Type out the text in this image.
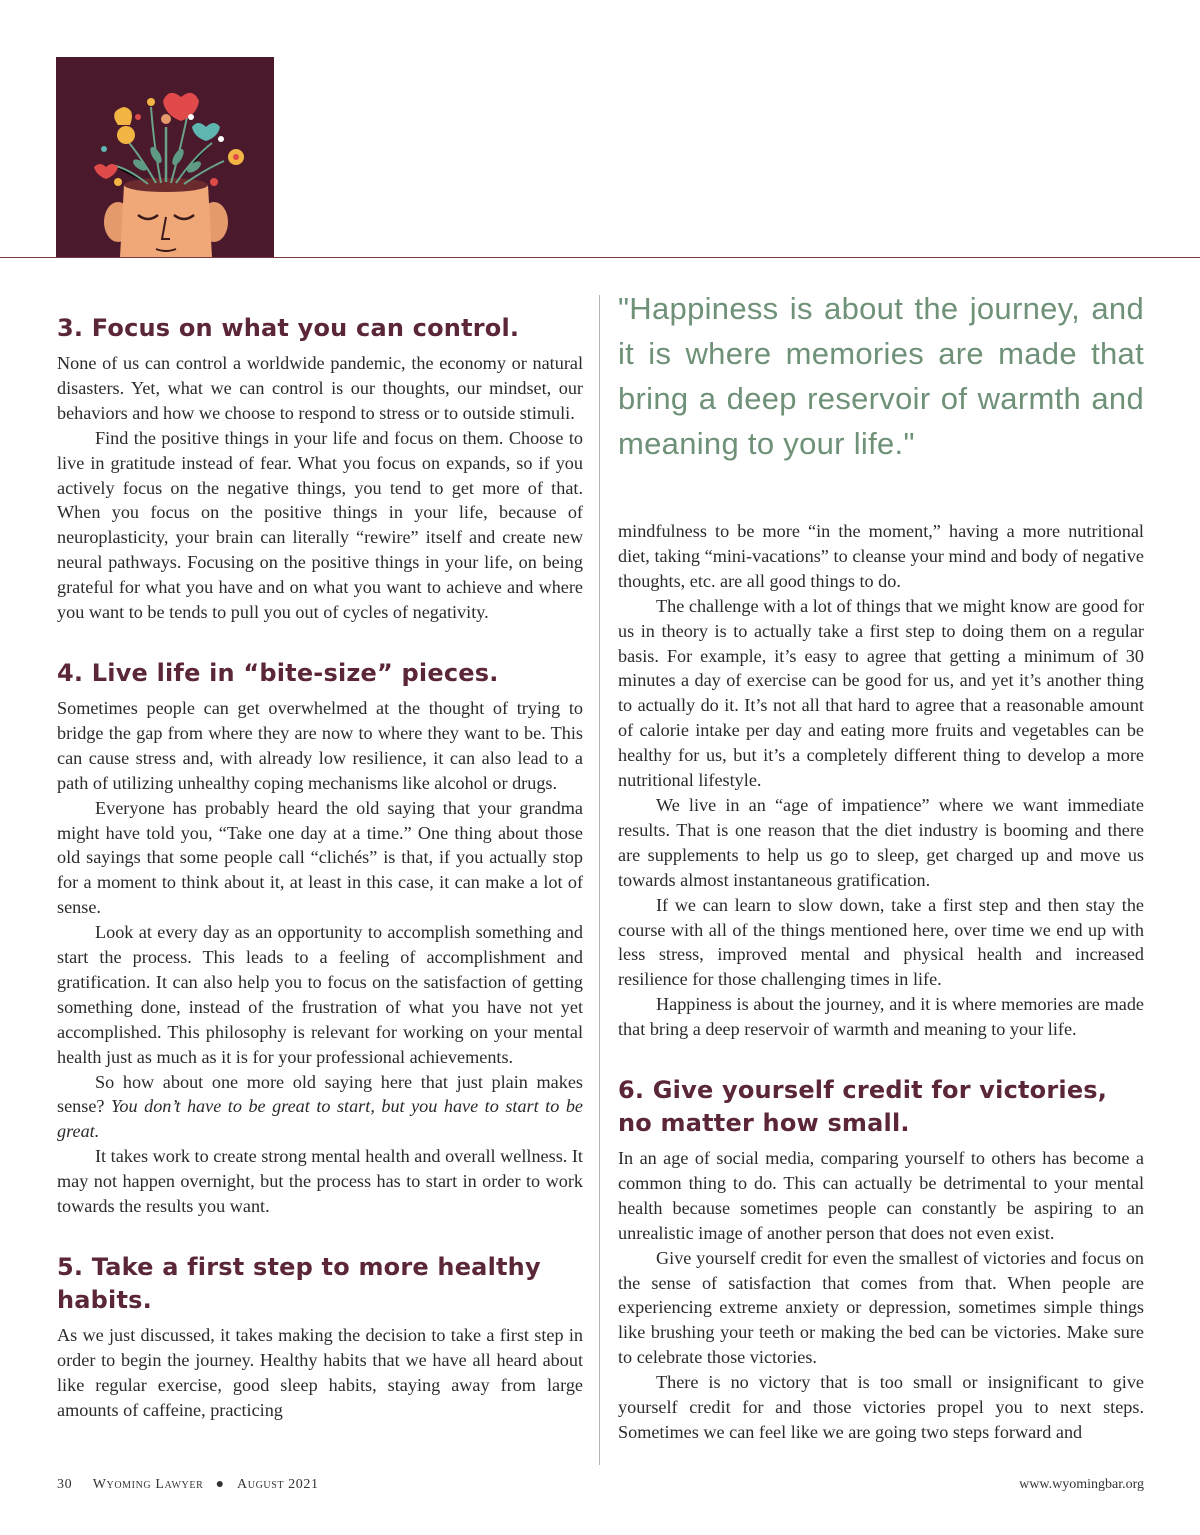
3. Focus on what you can control.

None of us can control a worldwide pandemic, the economy or natural disasters. Yet, what we can control is our thoughts, our mindset, our behaviors and how we choose to respond to stress or to outside stimuli.

Find the positive things in your life and focus on them. Choose to live in gratitude instead of fear. What you focus on expands, so if you actively focus on the negative things, you tend to get more of that. When you focus on the positive things in your life, because of neuroplasticity, your brain can literally “rewire” itself and create new neural pathways. Focusing on the positive things in your life, on being grateful for what you have and on what you want to achieve and where you want to be tends to pull you out of cycles of negativity.

4. Live life in “bite-size” pieces.

Sometimes people can get overwhelmed at the thought of trying to bridge the gap from where they are now to where they want to be. This can cause stress and, with already low resilience, it can also lead to a path of utilizing unhealthy coping mechanisms like alcohol or drugs.

Everyone has probably heard the old saying that your grandma might have told you, “Take one day at a time.” One thing about those old sayings that some people call “clichés” is that, if you actually stop for a moment to think about it, at least in this case, it can make a lot of sense.

Look at every day as an opportunity to accomplish something and start the process. This leads to a feeling of accomplishment and gratification. It can also help you to focus on the satisfaction of getting something done, instead of the frustration of what you have not yet accomplished. This philosophy is relevant for working on your mental health just as much as it is for your professional achievements.

So how about one more old saying here that just plain makes sense? You don’t have to be great to start, but you have to start to be great.

It takes work to create strong mental health and overall wellness. It may not happen overnight, but the process has to start in order to work towards the results you want.

5. Take a first step to more healthy habits.

As we just discussed, it takes making the decision to take a first step in order to begin the journey. Healthy habits that we have all heard about like regular exercise, good sleep habits, staying away from large amounts of caffeine, practicing

"Happiness is about the journey, and it is where memories are made that bring a deep reservoir of warmth and meaning to your life."

mindfulness to be more “in the moment,” having a more nutritional diet, taking “mini-vacations” to cleanse your mind and body of negative thoughts, etc. are all good things to do.

The challenge with a lot of things that we might know are good for us in theory is to actually take a first step to doing them on a regular basis. For example, it’s easy to agree that getting a minimum of 30 minutes a day of exercise can be good for us, and yet it’s another thing to actually do it. It’s not all that hard to agree that a reasonable amount of calorie intake per day and eating more fruits and vegetables can be healthy for us, but it’s a completely different thing to develop a more nutritional lifestyle.

We live in an “age of impatience” where we want immediate results. That is one reason that the diet industry is booming and there are supplements to help us go to sleep, get charged up and move us towards almost instantaneous gratification.

If we can learn to slow down, take a first step and then stay the course with all of the things mentioned here, over time we end up with less stress, improved mental and physical health and increased resilience for those challenging times in life.

Happiness is about the journey, and it is where memories are made that bring a deep reservoir of warmth and meaning to your life.

6. Give yourself credit for victories, no matter how small.

In an age of social media, comparing yourself to others has become a common thing to do. This can actually be detrimental to your mental health because sometimes people can constantly be aspiring to an unrealistic image of another person that does not even exist.

Give yourself credit for even the smallest of victories and focus on the sense of satisfaction that comes from that. When people are experiencing extreme anxiety or depression, sometimes simple things like brushing your teeth or making the bed can be victories. Make sure to celebrate those victories.

There is no victory that is too small or insignificant to give yourself credit for and those victories propel you to next steps. Sometimes we can feel like we are going two steps forward and

30 Wyoming Lawyer ● August 2021	www.wyomingbar.org
